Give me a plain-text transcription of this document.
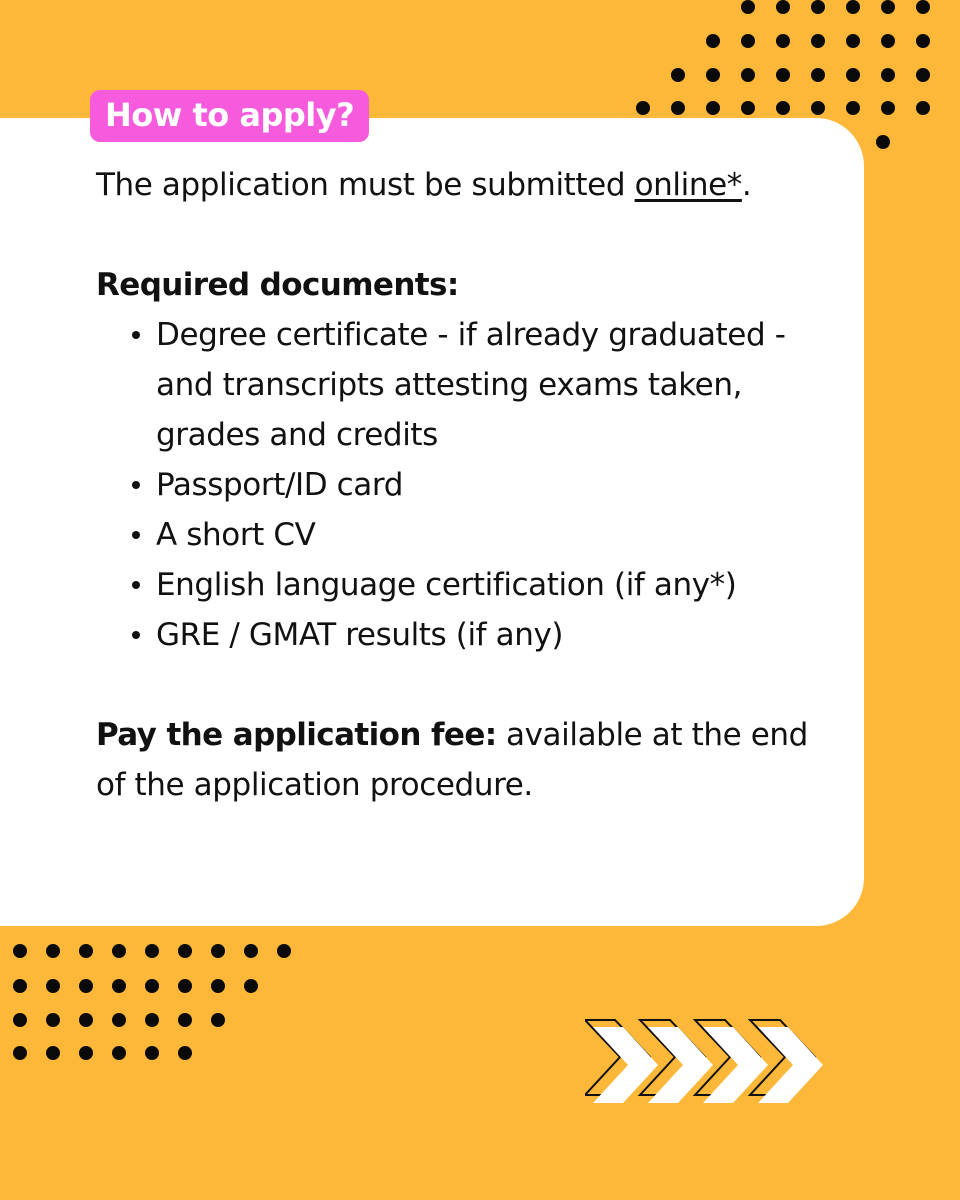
How to apply?

The application must be submitted online*.

Required documents:

Degree certificate - if already graduated - and transcripts attesting exams taken, grades and credits
Passport/ID card
A short CV
English language certification (if any*)
GRE / GMAT results (if any)

Pay the application fee: available at the end of the application procedure.
